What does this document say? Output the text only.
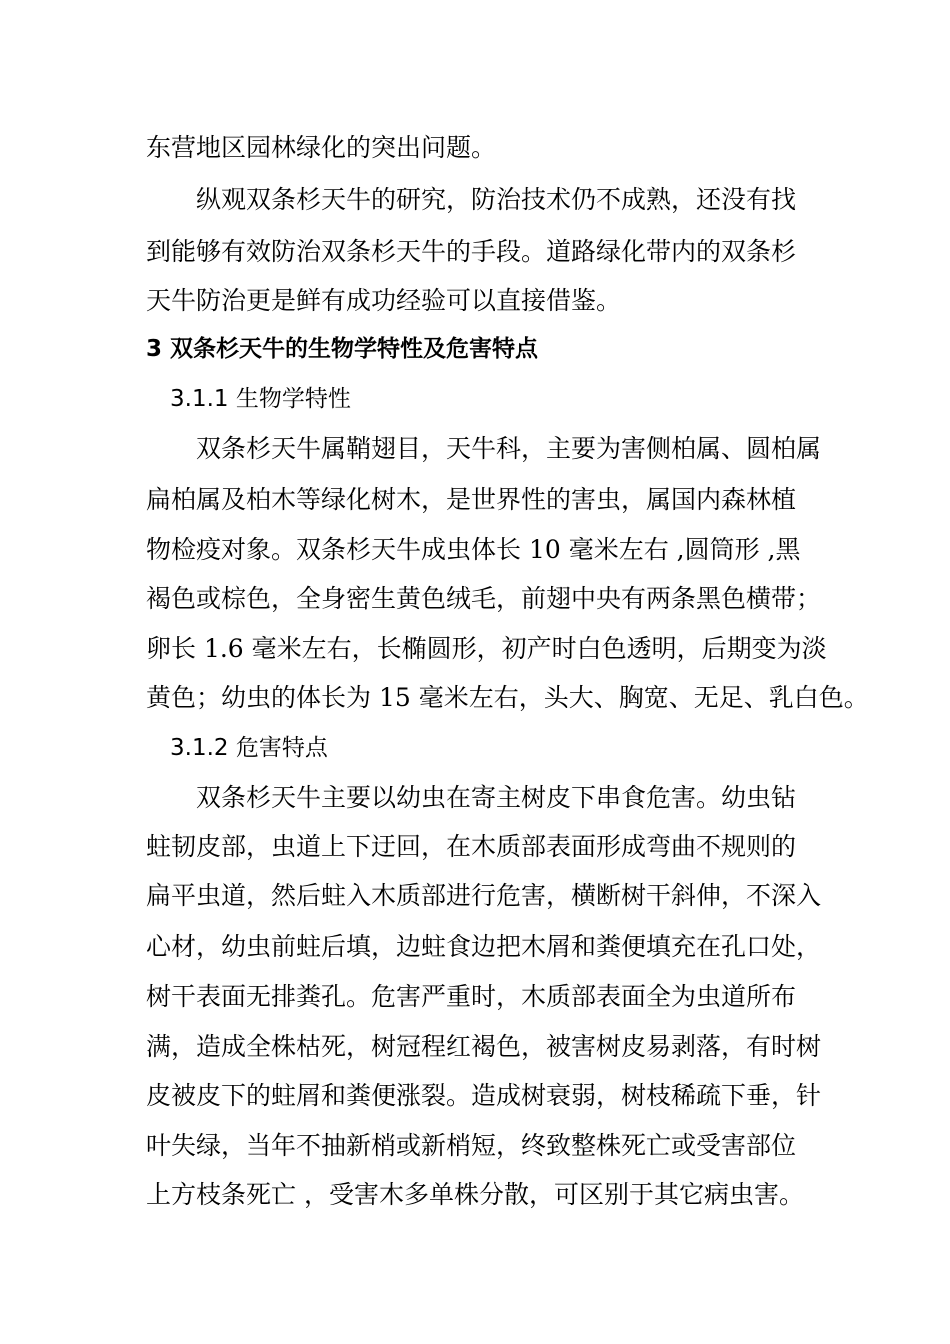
东营地区园林绿化的突出问题。
纵观双条杉天牛的研究，防治技术仍不成熟，还没有找
到能够有效防治双条杉天牛的手段。道路绿化带内的双条杉
天牛防治更是鲜有成功经验可以直接借鉴。
3 双条杉天牛的生物学特性及危害特点
3.1.1 生物学特性
双条杉天牛属鞘翅目，天牛科，主要为害侧柏属、圆柏属
扁柏属及柏木等绿化树木，是世界性的害虫，属国内森林植
物检疫对象。双条杉天牛成虫体长 10 毫米左右 ,圆筒形 ,黑
褐色或棕色，全身密生黄色绒毛，前翅中央有两条黑色横带；
卵长 1.6 毫米左右，长椭圆形，初产时白色透明，后期变为淡
黄色；幼虫的体长为 15 毫米左右，头大、胸宽、无足、乳白色。
3.1.2 危害特点
双条杉天牛主要以幼虫在寄主树皮下串食危害。幼虫钻
蛀韧皮部，虫道上下迂回，在木质部表面形成弯曲不规则的
扁平虫道，然后蛀入木质部进行危害，横断树干斜伸，不深入
心材，幼虫前蛀后填，边蛀食边把木屑和粪便填充在孔口处，
树干表面无排粪孔。危害严重时，木质部表面全为虫道所布
满，造成全株枯死，树冠程红褐色，被害树皮易剥落，有时树
皮被皮下的蛀屑和粪便涨裂。造成树衰弱，树枝稀疏下垂，针
叶失绿，当年不抽新梢或新梢短，终致整株死亡或受害部位
上方枝条死亡 ，受害木多单株分散，可区别于其它病虫害。
